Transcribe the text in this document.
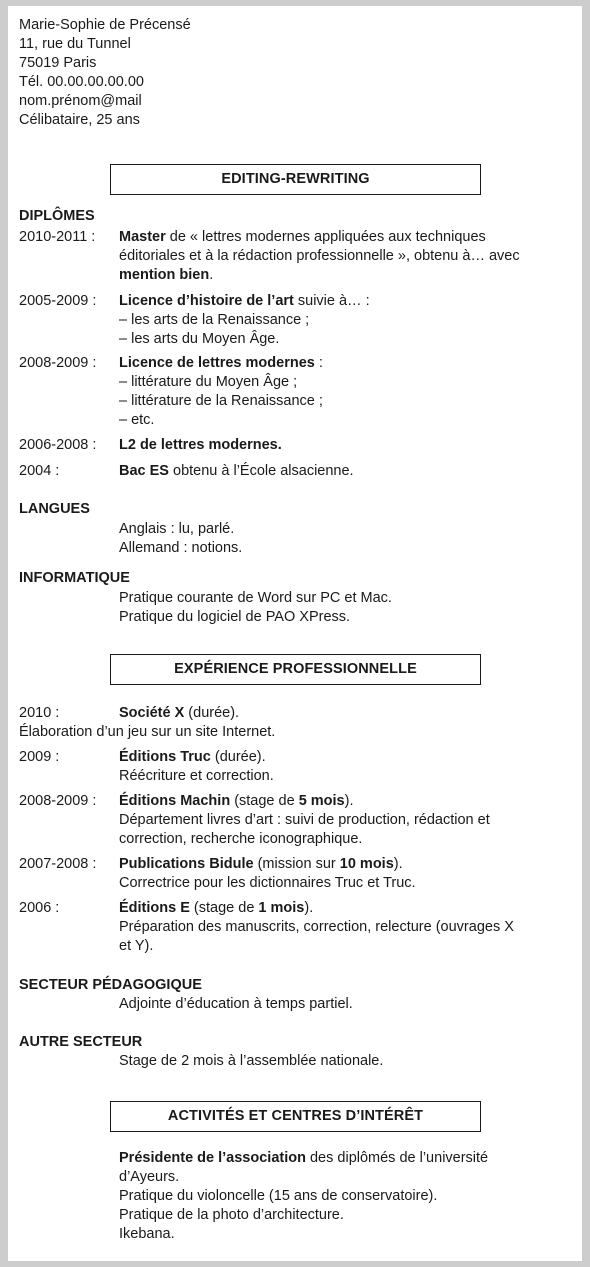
Marie-Sophie de Précensé
11, rue du Tunnel
75019 Paris
Tél. 00.00.00.00.00
nom.prénom@mail
Célibataire, 25 ans
EDITING-REWRITING
DIPLÔMES
2010-2011 : Master de « lettres modernes appliquées aux techniques
éditoriales et à la rédaction professionnelle », obtenu à… avec
mention bien.
2005-2009 : Licence d’histoire de l’art suivie à… :
– les arts de la Renaissance ;
– les arts du Moyen Âge.
2008-2009 : Licence de lettres modernes :
– littérature du Moyen Âge ;
– littérature de la Renaissance ;
– etc.
2006-2008 : L2 de lettres modernes.
2004 :	Bac ES obtenu à l’École alsacienne.
LANGUES
Anglais : lu, parlé.
Allemand : notions.
INFORMATIQUE
Pratique courante de Word sur PC et Mac.
Pratique du logiciel de PAO XPress.
EXPÉRIENCE PROFESSIONNELLE
2010 :	Société X (durée).
Élaboration d’un jeu sur un site Internet.
2009 :	Éditions Truc (durée).
Réécriture et correction.
2008-2009 : Éditions Machin (stage de 5 mois).
Département livres d’art : suivi de production, rédaction et
correction, recherche iconographique.
2007-2008 : Publications Bidule (mission sur 10 mois).
Correctrice pour les dictionnaires Truc et Truc.
2006 :	Éditions E (stage de 1 mois).
Préparation des manuscrits, correction, relecture (ouvrages X
et Y).
SECTEUR PÉDAGOGIQUE
Adjointe d’éducation à temps partiel.
AUTRE SECTEUR
Stage de 2 mois à l’assemblée nationale.
ACTIVITÉS ET CENTRES D’INTÉRÊT
Présidente de l’association des diplômés de l’université
d’Ayeurs.
Pratique du violoncelle (15 ans de conservatoire).
Pratique de la photo d’architecture.
Ikebana.
